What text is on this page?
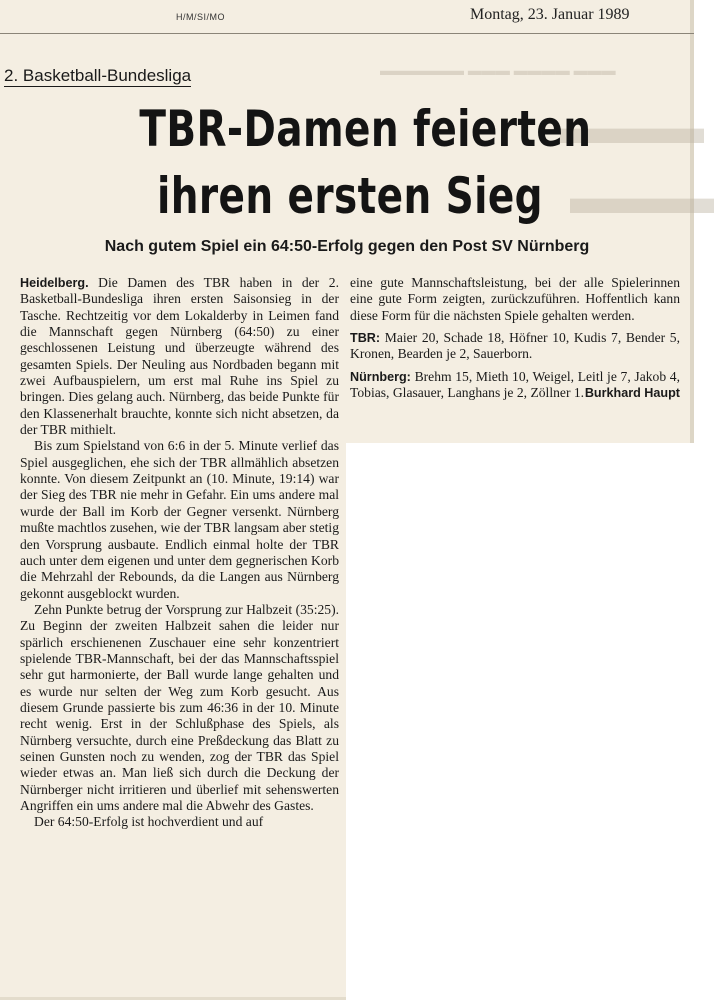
H/M/SI/MO	Montag, 23. Januar 1989
▬▬▬ ▬▬▬▬ ▬▬▬ ▬▬▬▬▬▬
▬▬▬
▬▬▬
2. Basketball-Bundesliga
TBR-Damen feierten
ihren ersten Sieg
Nach gutem Spiel ein 64:50-Erfolg gegen den Post SV Nürnberg

Heidelberg. Die Damen des TBR haben in der 2. Basketball-Bundesliga ihren ersten Saisonsieg in der Tasche. Rechtzeitig vor dem Lokalderby in Leimen fand die Mannschaft gegen Nürnberg (64:50) zu einer geschlossenen Leistung und überzeugte während des gesamten Spiels. Der Neuling aus Nordbaden begann mit zwei Aufbauspielern, um erst mal Ruhe ins Spiel zu bringen. Dies gelang auch. Nürnberg, das beide Punkte für den Klassenerhalt brauchte, konnte sich nicht absetzen, da der TBR mithielt.

Bis zum Spielstand von 6:6 in der 5. Minute verlief das Spiel ausgeglichen, ehe sich der TBR allmählich absetzen konnte. Von diesem Zeitpunkt an (10. Minute, 19:14) war der Sieg des TBR nie mehr in Gefahr. Ein ums andere mal wurde der Ball im Korb der Gegner versenkt. Nürnberg mußte machtlos zusehen, wie der TBR langsam aber stetig den Vorsprung ausbaute. Endlich einmal holte der TBR auch unter dem eigenen und unter dem gegnerischen Korb die Mehrzahl der Rebounds, da die Langen aus Nürnberg gekonnt ausgeblockt wurden.

Zehn Punkte betrug der Vorsprung zur Halbzeit (35:25). Zu Beginn der zweiten Halbzeit sahen die leider nur spärlich erschienenen Zuschauer eine sehr konzentriert spielende TBR-Mannschaft, bei der das Mannschaftsspiel sehr gut harmonierte, der Ball wurde lange gehalten und es wurde nur selten der Weg zum Korb gesucht. Aus diesem Grunde passierte bis zum 46:36 in der 10. Minute recht wenig. Erst in der Schlußphase des Spiels, als Nürnberg versuchte, durch eine Preßdeckung das Blatt zu seinen Gunsten noch zu wenden, zog der TBR das Spiel wieder etwas an. Man ließ sich durch die Deckung der Nürnberger nicht irritieren und überlief mit sehenswerten Angriffen ein ums andere mal die Abwehr des Gastes.

Der 64:50-Erfolg ist hochverdient und auf

eine gute Mannschaftsleistung, bei der alle Spielerinnen eine gute Form zeigten, zurückzuführen. Hoffentlich kann diese Form für die nächsten Spiele gehalten werden.

TBR: Maier 20, Schade 18, Höfner 10, Kudis 7, Bender 5, Kronen, Bearden je 2, Sauerborn.

Nürnberg: Brehm 15, Mieth 10, Weigel, Leitl je 7, Jakob 4, Tobias, Glasauer, Langhans je 2, Zöllner 1. Burkhard Haupt
